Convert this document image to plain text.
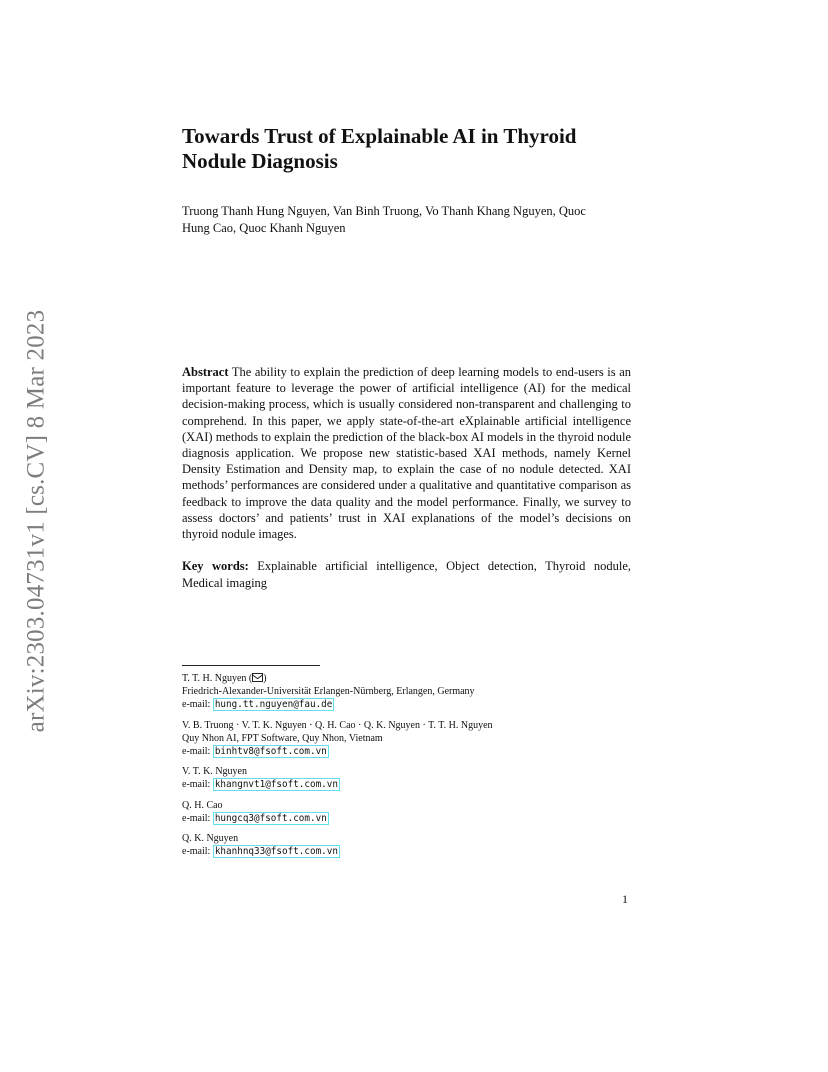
arXiv:2303.04731v1 [cs.CV] 8 Mar 2023
Towards Trust of Explainable AI in Thyroid
Nodule Diagnosis
Truong Thanh Hung Nguyen, Van Binh Truong, Vo Thanh Khang Nguyen, Quoc
Hung Cao, Quoc Khanh Nguyen

Abstract The ability to explain the prediction of deep learning models to end-users is an important feature to leverage the power of artificial intelligence (AI) for the medical decision-making process, which is usually considered non-transparent and challenging to comprehend. In this paper, we apply state-of-the-art eXplainable artificial intelligence (XAI) methods to explain the prediction of the black-box AI models in the thyroid nodule diagnosis application. We propose new statistic-based XAI methods, namely Kernel Density Estimation and Density map, to explain the case of no nodule detected. XAI methods’ performances are considered under a qualitative and quantitative comparison as feedback to improve the data quality and the model performance. Finally, we survey to assess doctors’ and patients’ trust in XAI explanations of the model’s decisions on thyroid nodule images.

Key words: Explainable artificial intelligence, Object detection, Thyroid nodule, Medical imaging

T. T. H. Nguyen ( )
Friedrich-Alexander-Universität Erlangen-Nürnberg, Erlangen, Germany
e-mail: hung.tt.nguyen@fau.de
V. B. Truong · V. T. K. Nguyen · Q. H. Cao · Q. K. Nguyen · T. T. H. Nguyen
Quy Nhon AI, FPT Software, Quy Nhon, Vietnam
e-mail: binhtv8@fsoft.com.vn
V. T. K. Nguyen
e-mail: khangnvt1@fsoft.com.vn
Q. H. Cao
e-mail: hungcq3@fsoft.com.vn
Q. K. Nguyen
e-mail: khanhnq33@fsoft.com.vn
1
